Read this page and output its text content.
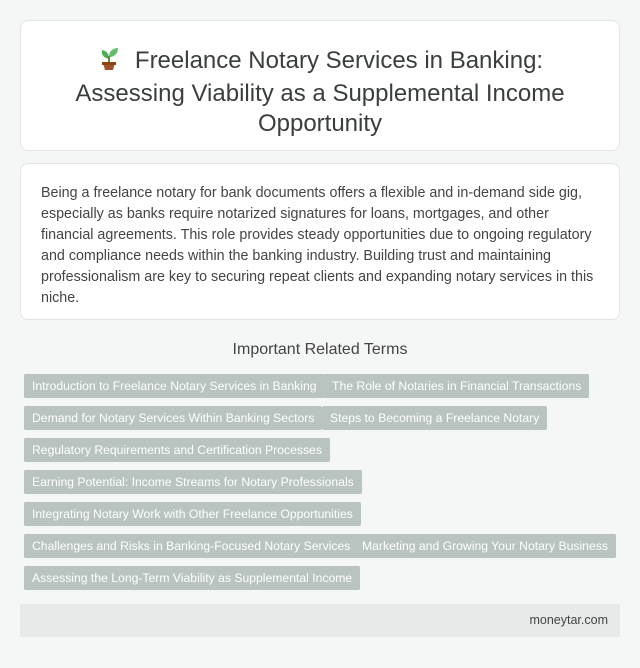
Freelance Notary Services in Banking: Assessing Viability as a Supplemental Income Opportunity

Being a freelance notary for bank documents offers a flexible and in-demand side gig, especially as banks require notarized signatures for loans, mortgages, and other financial agreements. This role provides steady opportunities due to ongoing regulatory and compliance needs within the banking industry. Building trust and maintaining professionalism are key to securing repeat clients and expanding notary services in this niche.

Important Related Terms
Introduction to Freelance Notary Services in Banking	The Role of Notaries in Financial Transactions
Demand for Notary Services Within Banking Sectors	Steps to Becoming a Freelance Notary
Regulatory Requirements and Certification Processes
Earning Potential: Income Streams for Notary Professionals
Integrating Notary Work with Other Freelance Opportunities
Challenges and Risks in Banking-Focused Notary Services Marketing and Growing Your Notary Business
Assessing the Long-Term Viability as Supplemental Income
moneytar.com
